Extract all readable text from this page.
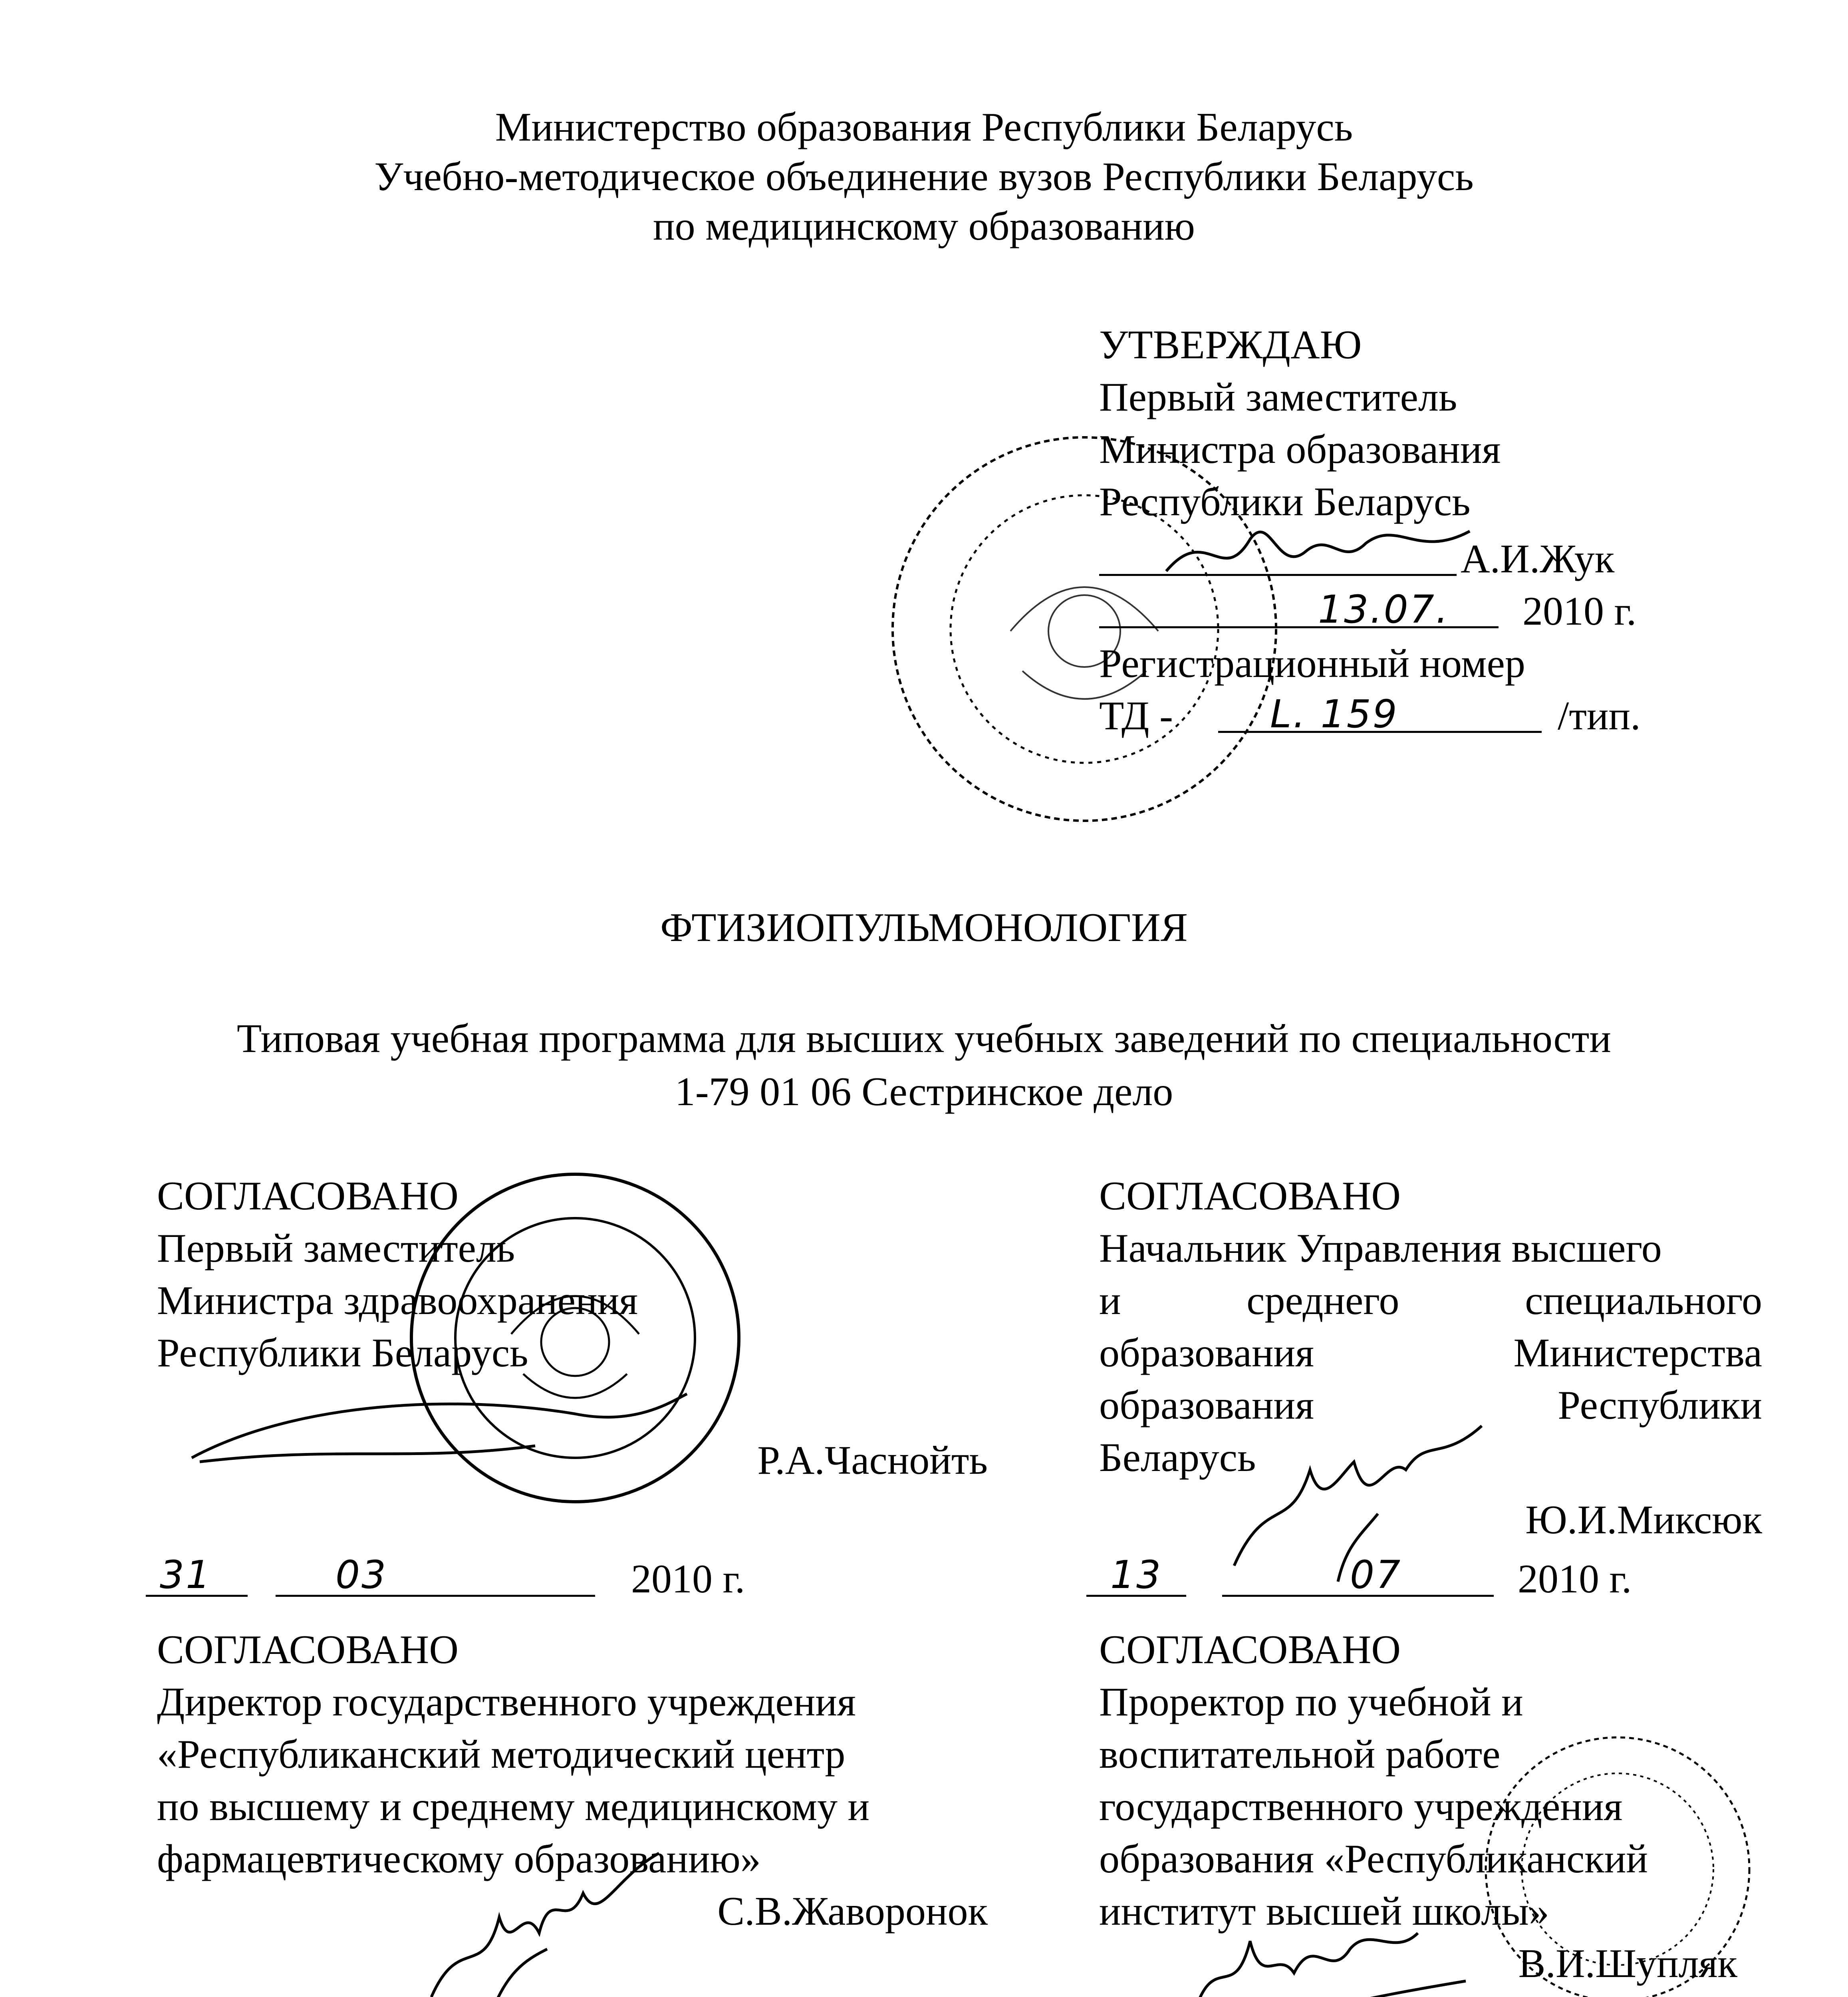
Министерство образования Республики Беларусь
Учебно-методическое объединение вузов Республики Беларусь
по медицинскому образованию
УТВЕРЖДАЮ
Первый заместитель
Министра образования
Республики Беларусь
А.И.Жук
13.07. 2010 г.
Регистрационный номер
ТД -	L. 159	/тип.
ФТИЗИОПУЛЬМОНОЛОГИЯ
Типовая учебная программа для высших учебных заведений по специальности
1-79 01 06 Сестринское дело
СОГЛАСОВАНО
Первый заместитель
Министра здравоохранения
Республики Беларусь
Р.А.Часнойть
31	03	2010 г.
СОГЛАСОВАНО
Начальник Управления высшего
и	среднего	специального
образования	Министерства
образования	Республики
Беларусь
Ю.И.Миксюк
13	07	2010 г.
СОГЛАСОВАНО
Директор государственного учреждения
«Республиканский методический центр
по высшему и среднему медицинскому и
фармацевтическому образованию»
С.В.Жаворонок
СОГЛАСОВАНО
Проректор по учебной и
воспитательной работе
государственного учреждения
образования «Республиканский
институт высшей школы»
В.И.Шупляк
